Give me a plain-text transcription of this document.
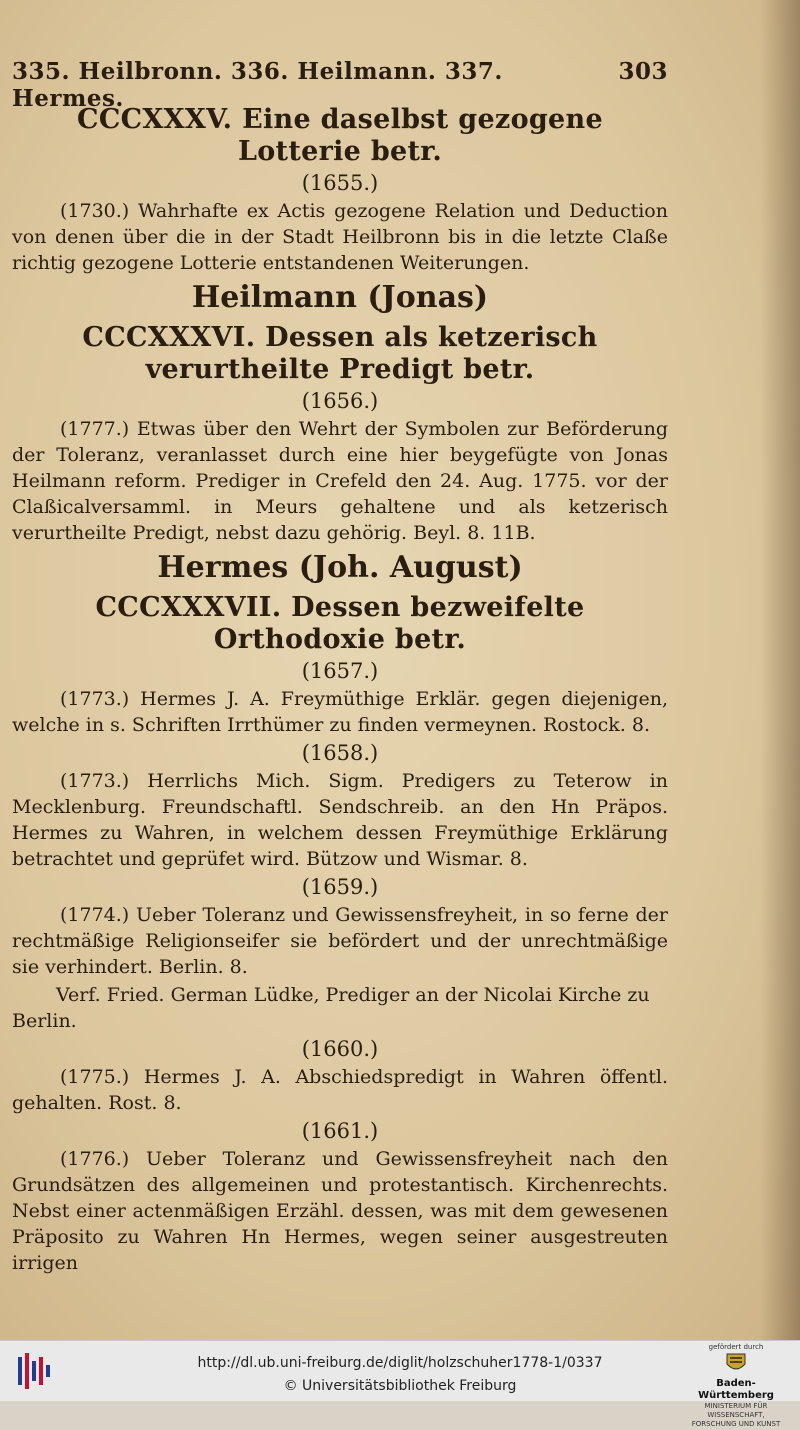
335. Heilbronn. 336. Heilmann. 337. Hermes.
303
CCCXXXV. Eine daselbst gezogene Lotterie betr.
(1655.)
(1730.) Wahrhafte ex Actis gezogene Relation und Deduction von denen über die in der Stadt Heilbronn bis in die letzte Claße richtig gezogene Lotterie entstandenen Weiterungen.
Heilmann (Jonas)
CCCXXXVI. Dessen als ketzerisch verurtheilte Predigt betr.
(1656.)
(1777.) Etwas über den Wehrt der Symbolen zur Beförderung der Toleranz, veranlasset durch eine hier beygefügte von Jonas Heilmann reform. Prediger in Crefeld den 24. Aug. 1775. vor der Claßicalversamml. in Meurs gehaltene und als ketzerisch verurtheilte Predigt, nebst dazu gehörig. Beyl. 8. 11B.
Hermes (Joh. August)
CCCXXXVII. Dessen bezweifelte Orthodoxie betr.
(1657.)
(1773.) Hermes J. A. Freymüthige Erklär. gegen diejenigen, welche in s. Schriften Irrthümer zu finden vermeynen. Rostock. 8.
(1658.)
(1773.) Herrlichs Mich. Sigm. Predigers zu Teterow in Mecklenburg. Freundschaftl. Sendschreib. an den Hn Präpos. Hermes zu Wahren, in welchem dessen Freymüthige Erklärung betrachtet und geprüfet wird. Bützow und Wismar. 8.
(1659.)
(1774.) Ueber Toleranz und Gewissensfreyheit, in so ferne der rechtmäßige Religionseifer sie befördert und der unrechtmäßige sie verhindert. Berlin. 8.
Verf. Fried. German Lüdke, Prediger an der Nicolai Kirche zu Berlin.
(1660.)
(1775.) Hermes J. A. Abschiedspredigt in Wahren öffentl. gehalten. Rost. 8.
(1661.)
(1776.) Ueber Toleranz und Gewissensfreyheit nach den Grundsätzen des allgemeinen und protestantisch. Kirchenrechts. Nebst einer actenmäßigen Erzähl. dessen, was mit dem gewesenen Präposito zu Wahren Hn Hermes, wegen seiner ausgestreuten irrigen
http://dl.ub.uni-freiburg.de/diglit/holzschuher1778-1/0337
© Universitätsbibliothek Freiburg
gefördert durch
Baden-Württemberg
MINISTERIUM FÜR WISSENSCHAFT, FORSCHUNG UND KUNST
